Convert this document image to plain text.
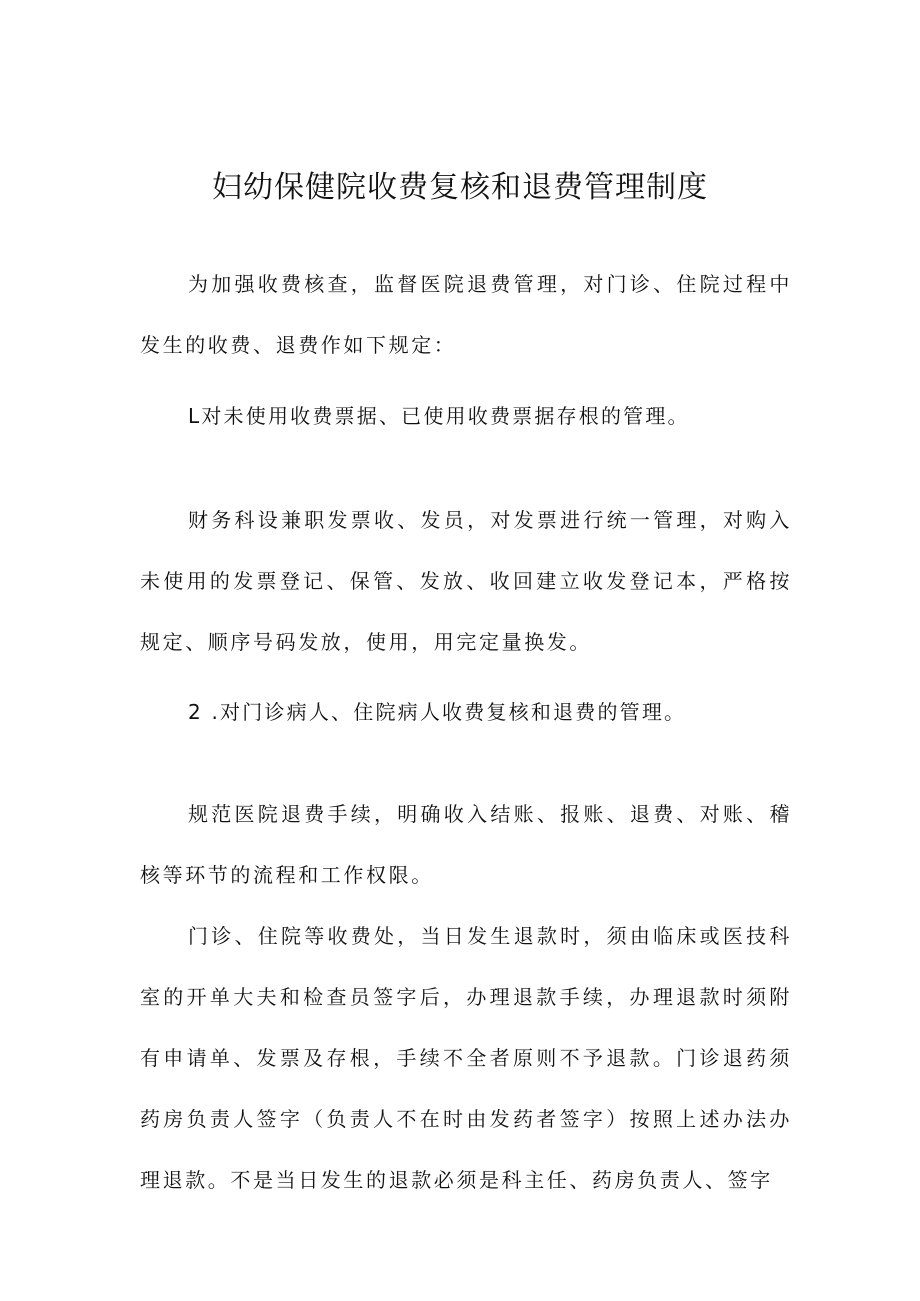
妇幼保健院收费复核和退费管理制度

为加强收费核查，监督医院退费管理，对门诊、住院过程中发生的收费、退费作如下规定：

L对未使用收费票据、已使用收费票据存根的管理。

财务科设兼职发票收、发员，对发票进行统一管理，对购入未使用的发票登记、保管、发放、收回建立收发登记本，严格按规定、顺序号码发放，使用，用完定量换发。

2 .对门诊病人、住院病人收费复核和退费的管理。

规范医院退费手续，明确收入结账、报账、退费、对账、稽核等环节的流程和工作权限。

门诊、住院等收费处，当日发生退款时，须由临床或医技科室的开单大夫和检查员签字后，办理退款手续，办理退款时须附有申请单、发票及存根，手续不全者原则不予退款。门诊退药须药房负责人签字（负责人不在时由发药者签字）按照上述办法办理退款。不是当日发生的退款必须是科主任、药房负责人、签字
